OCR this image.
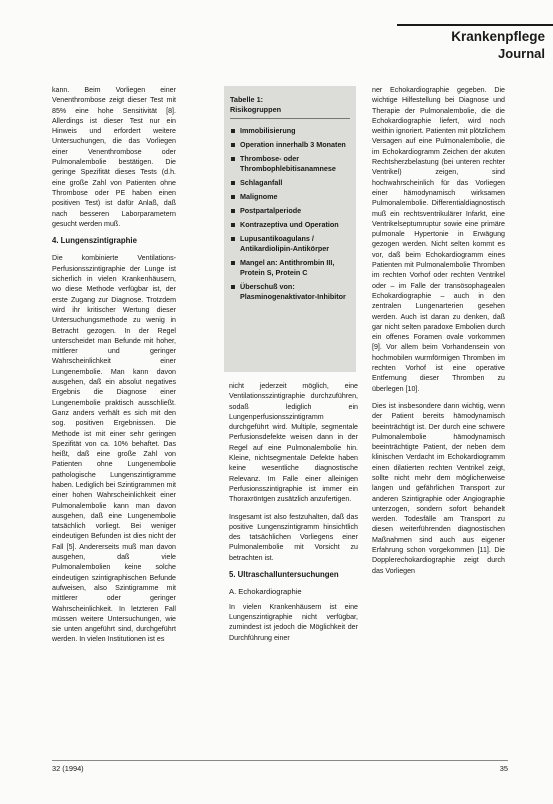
Krankenpflege
Journal

kann. Beim Vorliegen einer Venenthrombose zeigt dieser Test mit 85% eine hohe Sensitivität [8]. Allerdings ist dieser Test nur ein Hinweis und erfordert weitere Untersuchungen, die das Vorliegen einer Venenthrombose oder Pulmonalembolie bestätigen. Die geringe Spezifität dieses Tests (d.h. eine große Zahl von Patienten ohne Thrombose oder PE haben einen positiven Test) ist dafür Anlaß, daß nach besseren Laborparametern gesucht werden muß.

4. Lungenszintigraphie

Die kombinierte Ventilations-Perfusionsszintigraphie der Lunge ist sicherlich in vielen Krankenhäusern, wo diese Methode verfügbar ist, der erste Zugang zur Diagnose. Trotzdem wird ihr kritischer Wertung dieser Untersuchungsmethode zu wenig in Betracht gezogen. In der Regel unterscheidet man Befunde mit hoher, mittlerer und geringer Wahrscheinlichkeit einer Lungenembolie. Man kann davon ausgehen, daß ein absolut negatives Ergebnis die Diagnose einer Lungenembolie praktisch ausschließt. Ganz anders verhält es sich mit den sog. positiven Ergebnissen. Die Methode ist mit einer sehr geringen Spezifität von ca. 10% behaftet. Das heißt, daß eine große Zahl von Patienten ohne Lungenembolie pathologische Lungenszintigramme haben. Lediglich bei Szintigrammen mit einer hohen Wahrscheinlichkeit einer Pulmonalembolie kann man davon ausgehen, daß eine Lungenembolie tatsächlich vorliegt. Bei weniger eindeutigen Befunden ist dies nicht der Fall [5]. Andererseits muß man davon ausgehen, daß viele Pulmonalembolien keine solche eindeutigen szintigraphischen Befunde aufweisen, also Szintigramme mit mittlerer oder geringer Wahrscheinlichkeit. In letzteren Fall müssen weitere Untersuchungen, wie sie unten angeführt sind, durchgeführt werden. In vielen Institutionen ist es

Tabelle 1:
Risikogruppen
Immobilisierung
Operation innerhalb 3 Monaten
Thrombose- oder Thrombophlebitisanamnese
Schlaganfall
Malignome
Postpartalperiode
Kontrazeptiva und Operation
Lupusantikoagulans / Antikardiolipin-Antikörper
Mangel an: Antithrombin III, Protein S, Protein C
Überschuß von: Plasminogenaktivator-Inhibitor

nicht jederzeit möglich, eine Ventilationsszintigraphie durchzuführen, sodaß lediglich ein Lungenperfusionsszintigramm durchgeführt wird. Multiple, segmentale Perfusionsdefekte weisen dann in der Regel auf eine Pulmonalembolie hin. Kleine, nichtsegmentale Defekte haben keine wesentliche diagnostische Relevanz. Im Falle einer alleinigen Perfusionsszintigraphie ist immer ein Thoraxröntgen zusätzlich anzufertigen.

Insgesamt ist also festzuhalten, daß das positive Lungenszintigramm hinsichtlich des tatsächlichen Vorliegens einer Pulmonalembolie mit Vorsicht zu betrachten ist.

5. Ultraschalluntersuchungen
A. Echokardiographie

In vielen Krankenhäusern ist eine Lungenszintigraphie nicht verfügbar, zumindest ist jedoch die Möglichkeit der Durchführung einer

ner Echokardiographie gegeben. Die wichtige Hilfestellung bei Diagnose und Therapie der Pulmonalembolie, die die Echokardiographie liefert, wird noch weithin ignoriert. Patienten mit plötzlichem Versagen auf eine Pulmonalembolie, die im Echokardiogramm Zeichen der akuten Rechtsherzbelastung (bei unteren rechter Ventrikel) zeigen, sind hochwahrscheinlich für das Vorliegen einer hämodynamisch wirksamen Pulmonalembolie. Differentialdiagnostisch muß ein rechtsventrikulärer Infarkt, eine Ventrikelseptumruptur sowie eine primäre pulmonale Hypertonie in Erwägung gezogen werden. Nicht selten kommt es vor, daß beim Echokardiogramm eines Patienten mit Pulmonalembolie Thromben im rechten Vorhof oder rechten Ventrikel oder – im Falle der transösophagealen Echokardiographie – auch in den zentralen Lungenarterien gesehen werden. Auch ist daran zu denken, daß gar nicht selten paradoxe Embolien durch ein offenes Foramen ovale vorkommen [9]. Vor allem beim Vorhandensein von hochmobilen wurmförmigen Thromben im rechten Vorhof ist eine operative Entfernung dieser Thromben zu überlegen [10].

Dies ist insbesondere dann wichtig, wenn der Patient bereits hämodynamisch beeinträchtigt ist. Der durch eine schwere Pulmonalembolie hämodynamisch beeinträchtigte Patient, der neben dem klinischen Verdacht im Echokardiogramm einen dilatierten rechten Ventrikel zeigt, sollte nicht mehr dem möglicherweise langen und gefährlichen Transport zur anderen Szintigraphie oder Angiographie unterzogen, sondern sofort behandelt werden. Todesfälle am Transport zu diesen weiterführenden diagnostischen Maßnahmen sind auch aus eigener Erfahrung schon vorgekommen [11]. Die Dopplerechokardiographie zeigt durch das Vorliegen

32 (1994)	35
